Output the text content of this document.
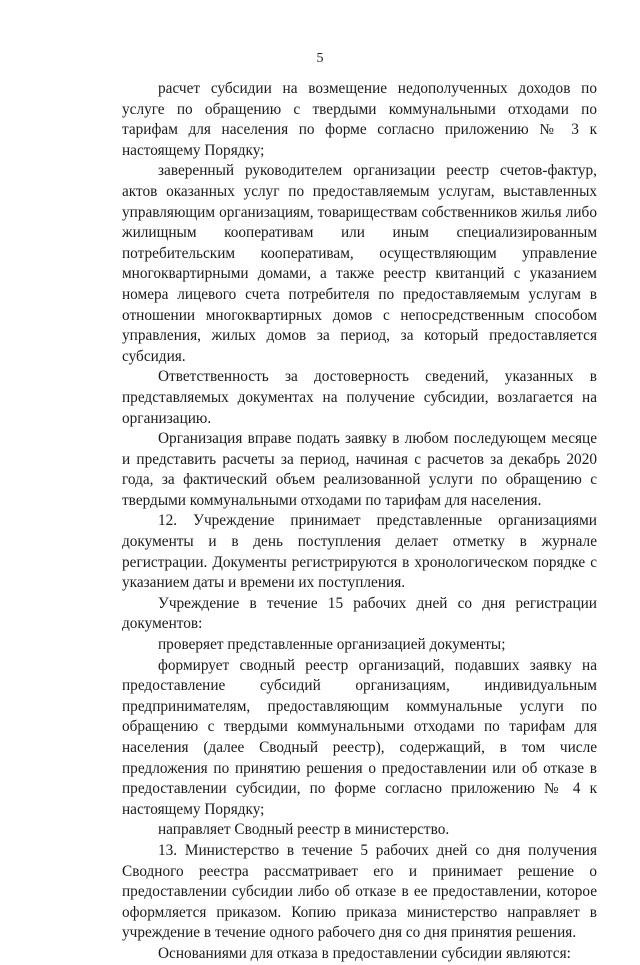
5

расчет субсидии на возмещение недополученных доходов по услуге по обращению с твердыми коммунальными отходами по тарифам для населения по форме согласно приложению № 3 к настоящему Порядку;

заверенный руководителем организации реестр счетов-фактур, актов оказанных услуг по предоставляемым услугам, выставленных управляющим организациям, товариществам собственников жилья либо жилищным кооперативам или иным специализированным потребительским кооперативам, осуществляющим управление многоквартирными домами, а также реестр квитанций с указанием номера лицевого счета потребителя по предоставляемым услугам в отношении многоквартирных домов с непосредственным способом управления, жилых домов за период, за который предоставляется субсидия.

Ответственность за достоверность сведений, указанных в представляемых документах на получение субсидии, возлагается на организацию.

Организация вправе подать заявку в любом последующем месяце и представить расчеты за период, начиная с расчетов за декабрь 2020 года, за фактический объем реализованной услуги по обращению с твердыми коммунальными отходами по тарифам для населения.

12. Учреждение принимает представленные организациями документы и в день поступления делает отметку в журнале регистрации. Документы регистрируются в хронологическом порядке с указанием даты и времени их поступления.

Учреждение в течение 15 рабочих дней со дня регистрации документов:

проверяет представленные организацией документы;

формирует сводный реестр организаций, подавших заявку на предоставление субсидий организациям, индивидуальным предпринимателям, предоставляющим коммунальные услуги по обращению с твердыми коммунальными отходами по тарифам для населения (далее Сводный реестр), содержащий, в том числе предложения по принятию решения о предоставлении или об отказе в предоставлении субсидии, по форме согласно приложению № 4 к настоящему Порядку;

направляет Сводный реестр в министерство.

13. Министерство в течение 5 рабочих дней со дня получения Сводного реестра рассматривает его и принимает решение о предоставлении субсидии либо об отказе в ее предоставлении, которое оформляется приказом. Копию приказа министерство направляет в учреждение в течение одного рабочего дня со дня принятия решения.

Основаниями для отказа в предоставлении субсидии являются:
